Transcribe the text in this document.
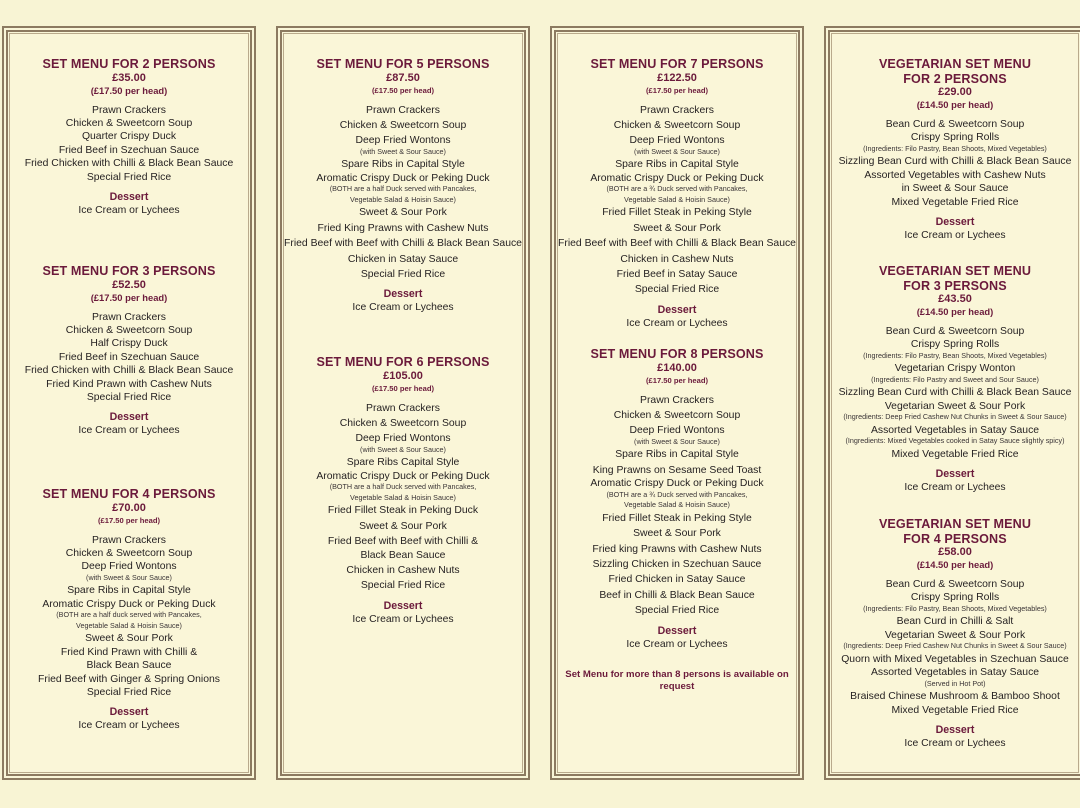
SET MENU FOR 2 PERSONS
£35.00
(£17.50 per head)
Prawn Crackers
Chicken & Sweetcorn Soup
Quarter Crispy Duck
Fried Beef in Szechuan Sauce
Fried Chicken with Chilli & Black Bean Sauce
Special Fried Rice
Dessert
Ice Cream or Lychees
SET MENU FOR 3 PERSONS
£52.50
(£17.50 per head)
Prawn Crackers
Chicken & Sweetcorn Soup
Half Crispy Duck
Fried Beef in Szechuan Sauce
Fried Chicken with Chilli & Black Bean Sauce
Fried Kind Prawn with Cashew Nuts
Special Fried Rice
Dessert
Ice Cream or Lychees
SET MENU FOR 4 PERSONS
£70.00
(£17.50 per head)
Prawn Crackers
Chicken & Sweetcorn Soup
Deep Fried Wontons
(with Sweet & Sour Sauce)
Spare Ribs in Capital Style
Aromatic Crispy Duck or Peking Duck
(BOTH are a half duck served with Pancakes,
Vegetable Salad & Hoisin Sauce)
Sweet & Sour Pork
Fried Kind Prawn with Chilli &
Black Bean Sauce
Fried Beef with Ginger & Spring Onions
Special Fried Rice
Dessert
Ice Cream or Lychees
SET MENU FOR 5 PERSONS
£87.50
(£17.50 per head)
Prawn Crackers
Chicken & Sweetcorn Soup
Deep Fried Wontons
(with Sweet & Sour Sauce)
Spare Ribs in Capital Style
Aromatic Crispy Duck or Peking Duck
(BOTH are a half Duck served with Pancakes,
Vegetable Salad & Hoisin Sauce)
Sweet & Sour Pork
Fried King Prawns with Cashew Nuts
Fried Beef with Beef with Chilli & Black Bean Sauce
Chicken in Satay Sauce
Special Fried Rice
Dessert
Ice Cream or Lychees
SET MENU FOR 6 PERSONS
£105.00
(£17.50 per head)
Prawn Crackers
Chicken & Sweetcorn Soup
Deep Fried Wontons
(with Sweet & Sour Sauce)
Spare Ribs Capital Style
Aromatic Crispy Duck or Peking Duck
(BOTH are a half Duck served with Pancakes,
Vegetable Salad & Hoisin Sauce)
Fried Fillet Steak in Peking Duck
Sweet & Sour Pork
Fried Beef with Beef with Chilli &
Black Bean Sauce
Chicken in Cashew Nuts
Special Fried Rice
Dessert
Ice Cream or Lychees
SET MENU FOR 7 PERSONS
£122.50
(£17.50 per head)
Prawn Crackers
Chicken & Sweetcorn Soup
Deep Fried Wontons
(with Sweet & Sour Sauce)
Spare Ribs in Capital Style
Aromatic Crispy Duck or Peking Duck
(BOTH are a ¾ Duck served with Pancakes,
Vegetable Salad & Hoisin Sauce)
Fried Fillet Steak in Peking Style
Sweet & Sour Pork
Fried Beef with Beef with Chilli & Black Bean Sauce
Chicken in Cashew Nuts
Fried Beef in Satay Sauce
Special Fried Rice
Dessert
Ice Cream or Lychees
SET MENU FOR 8 PERSONS
£140.00
(£17.50 per head)
Prawn Crackers
Chicken & Sweetcorn Soup
Deep Fried Wontons
(with Sweet & Sour Sauce)
Spare Ribs in Capital Style
King Prawns on Sesame Seed Toast
Aromatic Crispy Duck or Peking Duck
(BOTH are a ¾ Duck served with Pancakes,
Vegetable Salad & Hoisin Sauce)
Fried Fillet Steak in Peking Style
Sweet & Sour Pork
Fried king Prawns with Cashew Nuts
Sizzling Chicken in Szechuan Sauce
Fried Chicken in Satay Sauce
Beef in Chilli & Black Bean Sauce
Special Fried Rice
Dessert
Ice Cream or Lychees
Set Menu for more than 8 persons is available on request
VEGETARIAN SET MENU
FOR 2 PERSONS
£29.00
(£14.50 per head)
Bean Curd & Sweetcorn Soup
Crispy Spring Rolls
(Ingredients: Filo Pastry, Bean Shoots, Mixed Vegetables)
Sizzling Bean Curd with Chilli & Black Bean Sauce
Assorted Vegetables with Cashew Nuts
in Sweet & Sour Sauce
Mixed Vegetable Fried Rice
Dessert
Ice Cream or Lychees
VEGETARIAN SET MENU
FOR 3 PERSONS
£43.50
(£14.50 per head)
Bean Curd & Sweetcorn Soup
Crispy Spring Rolls
(Ingredients: Filo Pastry, Bean Shoots, Mixed Vegetables)
Vegetarian Crispy Wonton
(Ingredients: Filo Pastry and Sweet and Sour Sauce)
Sizzling Bean Curd with Chilli & Black Bean Sauce
Vegetarian Sweet & Sour Pork
(Ingredients: Deep Fried Cashew Nut Chunks in Sweet & Sour Sauce)
Assorted Vegetables in Satay Sauce
(Ingredients: Mixed Vegetables cooked in Satay Sauce slightly spicy)
Mixed Vegetable Fried Rice
Dessert
Ice Cream or Lychees
VEGETARIAN SET MENU
FOR 4 PERSONS
£58.00
(£14.50 per head)
Bean Curd & Sweetcorn Soup
Crispy Spring Rolls
(Ingredients: Filo Pastry, Bean Shoots, Mixed Vegetables)
Bean Curd in Chilli & Salt
Vegetarian Sweet & Sour Pork
(Ingredients: Deep Fried Cashew Nut Chunks in Sweet & Sour Sauce)
Quorn with Mixed Vegetables in Szechuan Sauce
Assorted Vegetables in Satay Sauce
(Served in Hot Pot)
Braised Chinese Mushroom & Bamboo Shoot
Mixed Vegetable Fried Rice
Dessert
Ice Cream or Lychees
